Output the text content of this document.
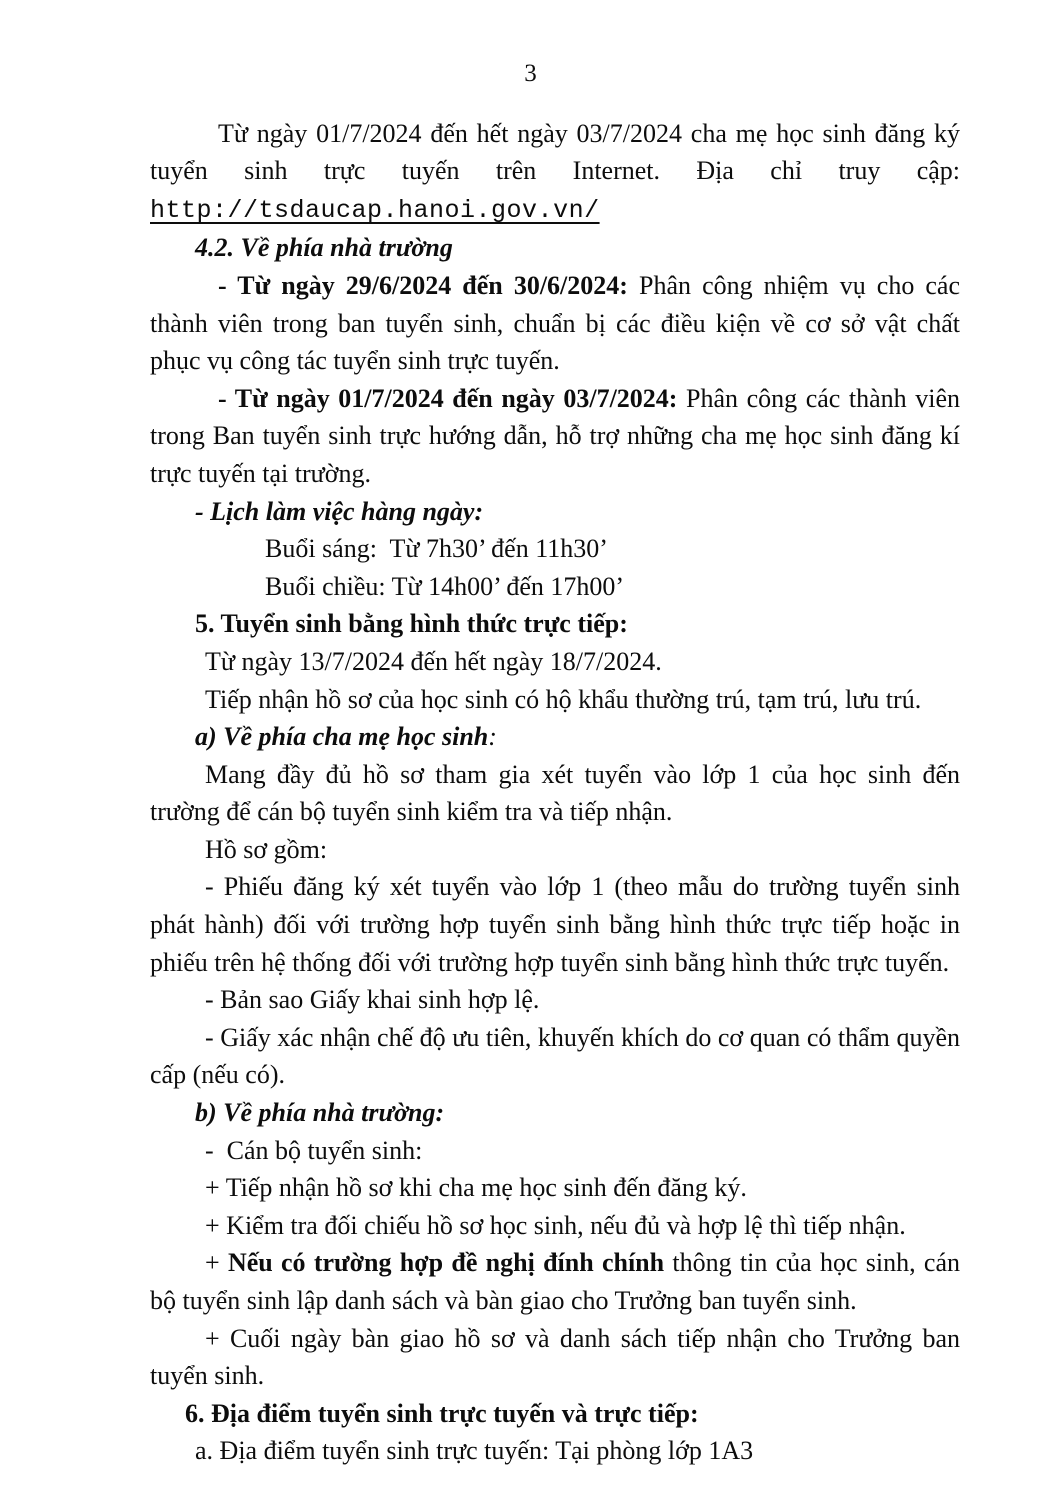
3

Từ ngày 01/7/2024 đến hết ngày 03/7/2024 cha mẹ học sinh đăng ký tuyển sinh trực tuyến trên Internet. Địa chỉ truy cập:

http://tsdaucap.hanoi.gov.vn/

4.2. Về phía nhà trường

- Từ ngày 29/6/2024 đến 30/6/2024: Phân công nhiệm vụ cho các thành viên trong ban tuyển sinh, chuẩn bị các điều kiện về cơ sở vật chất phục vụ công tác tuyển sinh trực tuyến.

- Từ ngày 01/7/2024 đến ngày 03/7/2024: Phân công các thành viên trong Ban tuyển sinh trực hướng dẫn, hỗ trợ những cha mẹ học sinh đăng kí trực tuyến tại trường.

- Lịch làm việc hàng ngày:

Buổi sáng:  Từ 7h30’ đến 11h30’

Buổi chiều: Từ 14h00’ đến 17h00’

5. Tuyển sinh bằng hình thức trực tiếp:

Từ ngày 13/7/2024 đến hết ngày 18/7/2024.

Tiếp nhận hồ sơ của học sinh có hộ khẩu thường trú, tạm trú, lưu trú.

a) Về phía cha mẹ học sinh:

Mang đầy đủ hồ sơ tham gia xét tuyển vào lớp 1 của học sinh đến trường để cán bộ tuyển sinh kiểm tra và tiếp nhận.

Hồ sơ gồm:

- Phiếu đăng ký xét tuyển vào lớp 1 (theo mẫu do trường tuyển sinh phát hành) đối với trường hợp tuyển sinh bằng hình thức trực tiếp hoặc in phiếu trên hệ thống đối với trường hợp tuyển sinh bằng hình thức trực tuyến.

- Bản sao Giấy khai sinh hợp lệ.

- Giấy xác nhận chế độ ưu tiên, khuyến khích do cơ quan có thẩm quyền cấp (nếu có).

b) Về phía nhà trường:

-  Cán bộ tuyển sinh:

+ Tiếp nhận hồ sơ khi cha mẹ học sinh đến đăng ký.

+ Kiểm tra đối chiếu hồ sơ học sinh, nếu đủ và hợp lệ thì tiếp nhận.

+ Nếu có trường hợp đề nghị đính chính thông tin của học sinh, cán bộ tuyển sinh lập danh sách và bàn giao cho Trưởng ban tuyển sinh.

+ Cuối ngày bàn giao hồ sơ và danh sách tiếp nhận cho Trưởng ban tuyển sinh.

6. Địa điểm tuyển sinh trực tuyến và trực tiếp:

a. Địa điểm tuyển sinh trực tuyến: Tại phòng lớp 1A3
